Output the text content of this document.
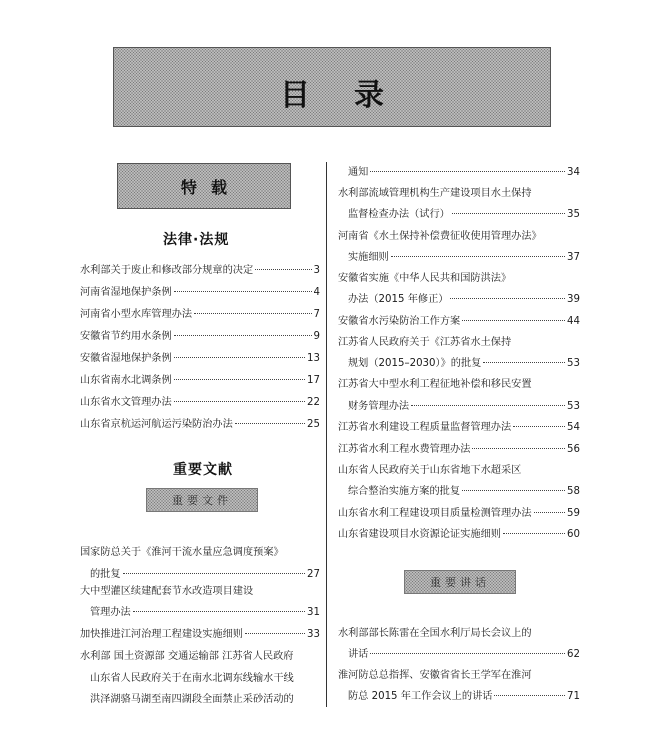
目录
特载
法律·法规
水利部关于废止和修改部分规章的决定	3
河南省湿地保护条例	4
河南省小型水库管理办法	7
安徽省节约用水条例	9
安徽省湿地保护条例	13
山东省南水北调条例	17
山东省水文管理办法	22
山东省京杭运河航运污染防治办法	25
重要文献
重要文件
国家防总关于《淮河干流水量应急调度预案》
的批复	27
大中型灌区续建配套节水改造项目建设
管理办法	31
加快推进江河治理工程建设实施细则	33
水利部 国土资源部 交通运输部 江苏省人民政府
山东省人民政府关于在南水北调东线输水干线
洪泽湖骆马湖至南四湖段全面禁止采砂活动的
通知	34
水利部流域管理机构生产建设项目水土保持
监督检查办法（试行）	35
河南省《水土保持补偿费征收使用管理办法》
实施细则	37
安徽省实施《中华人民共和国防洪法》
办法（2015 年修正）	39
安徽省水污染防治工作方案	44
江苏省人民政府关于《江苏省水土保持
规划（2015–2030）》的批复	53
江苏省大中型水利工程征地补偿和移民安置
财务管理办法	53
江苏省水利建设工程质量监督管理办法	54
江苏省水利工程水费管理办法	56
山东省人民政府关于山东省地下水超采区
综合整治实施方案的批复	58
山东省水利工程建设项目质量检测管理办法	59
山东省建设项目水资源论证实施细则	60
重要讲话
水利部部长陈雷在全国水利厅局长会议上的
讲话	62
淮河防总总指挥、安徽省省长王学军在淮河
防总 2015 年工作会议上的讲话	71
